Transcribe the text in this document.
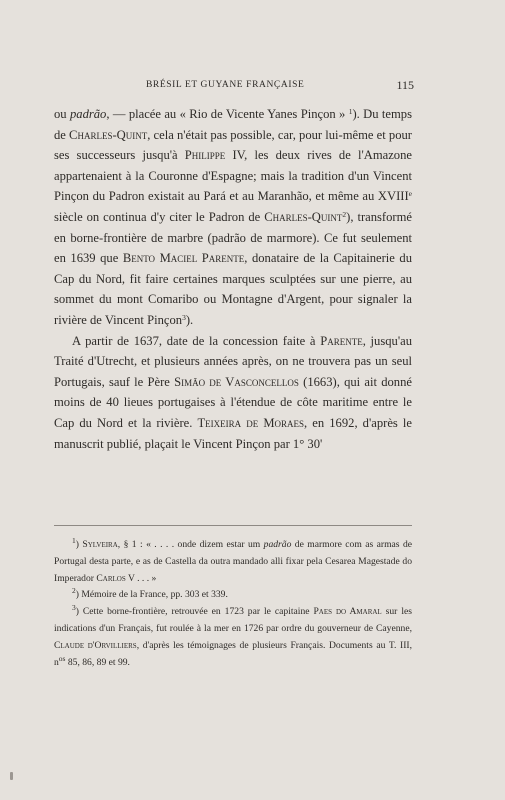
BRÉSIL ET GUYANE FRANÇAISE	115

ou padrão, — placée au « Rio de Vicente Yanes Pinçon » $^1$). Du temps de Charles-Quint, cela n'était pas possible, car, pour lui-même et pour ses successeurs jusqu'à Philippe IV, les deux rives de l'Amazone appartenaient à la Couronne d'Espagne; mais la tradition d'un Vincent Pinçon du Padron existait au Pará et au Maranhão, et même au XVIIIe siècle on continua d'y citer le Padron de Charles-Quint$^2$), transformé en borne-frontière de marbre (padrão de marmore). Ce fut seulement en 1639 que Bento Maciel Parente, donataire de la Capitainerie du Cap du Nord, fit faire certaines marques sculptées sur une pierre, au sommet du mont Comaribo ou Montagne d'Argent, pour signaler la rivière de Vincent Pinçon$^3$).

A partir de 1637, date de la concession faite à Parente, jusqu'au Traité d'Utrecht, et plusieurs années après, on ne trouvera pas un seul Portugais, sauf le Père Simão de Vasconcellos (1663), qui ait donné moins de 40 lieues portugaises à l'étendue de côte maritime entre le Cap du Nord et la rivière. Teixeira de Moraes, en 1692, d'après le manuscrit publié, plaçait le Vincent Pinçon par 1° 30'

$^1$) Sylveira, § 1 : « . . . . onde dizem estar um padrão de marmore com as armas de Portugal desta parte, e as de Castella da outra mandado alli fixar pela Cesarea Magestade do Imperador Carlos V . . . »

$^2$) Mémoire de la France, pp. 303 et 339.

$^3$) Cette borne-frontière, retrouvée en 1723 par le capitaine Paes do Amaral sur les indications d'un Français, fut roulée à la mer en 1726 par ordre du gouverneur de Cayenne, Claude d'Orvilliers, d'après les témoignages de plusieurs Français. Documents au T. III, $n^{os}$ 85, 86, 89 et 99.
